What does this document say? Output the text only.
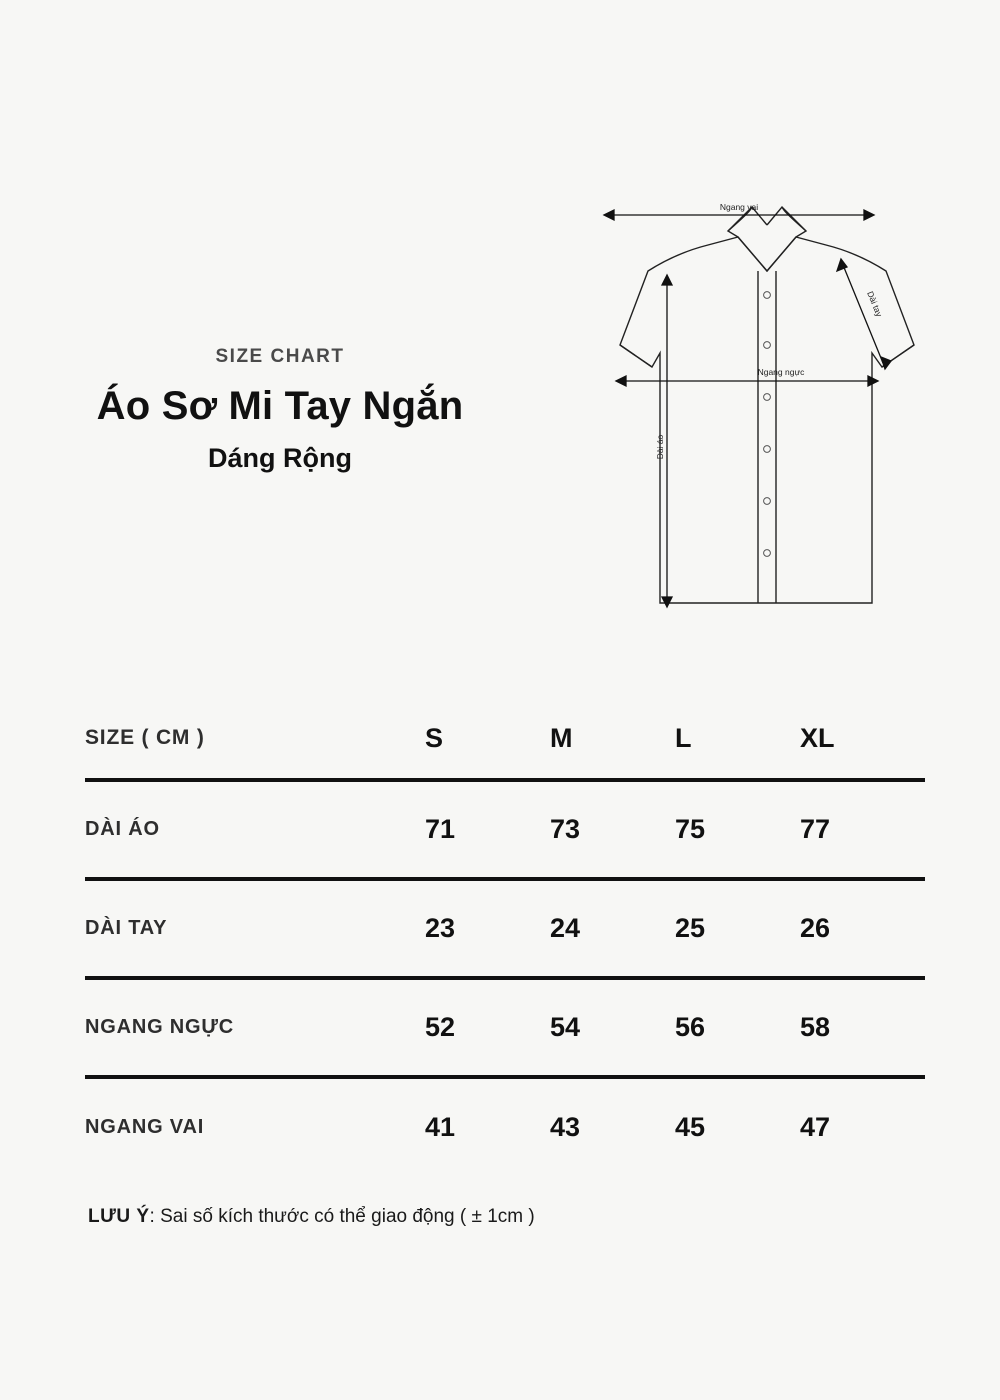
SIZE CHART
Áo Sơ Mi Tay Ngắn
Dáng Rộng
Ngang vai
Ngang ngực
Dài áo
Dài tay
SIZE ( CM )	S	M	L	XL
DÀI ÁO	71	73	75	77
DÀI TAY	23	24	25	26
NGANG NGỰC	52	54	56	58
NGANG VAI	41	43	45	47
LƯU Ý: Sai số kích thước có thể giao động ( ± 1cm )
